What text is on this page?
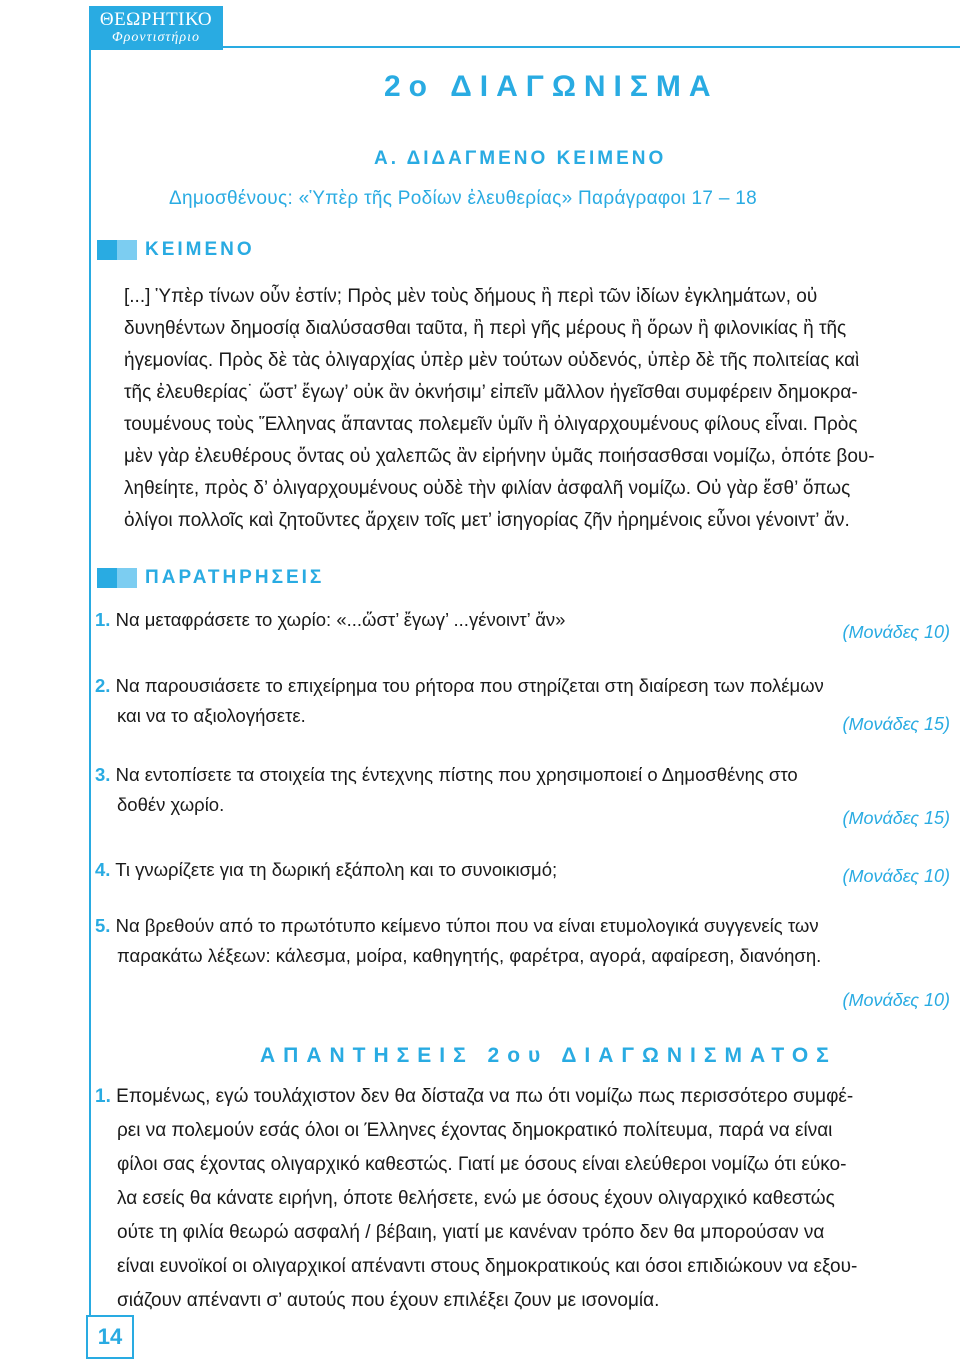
ΘΕΩΡΗΤΙΚΟ
Φροντιστήριο
2ο ΔΙΑΓΩΝΙΣΜΑ
Α. ΔΙΔΑΓΜΕΝΟ ΚΕΙΜΕΝΟ
Δημοσθένους: «Ὑπὲρ τῆς Ροδίων ἐλευθερίας» Παράγραφοι 17 – 18
ΚΕΙΜΕΝΟ
[...] Ὑπὲρ τίνων οὖν ἐστίν; Πρὸς μὲν τοὺς δήμους ἢ περὶ τῶν ἰδίων ἐγκλημάτων, οὐ
δυνηθέντων δημοσίᾳ διαλύσασθαι ταῦτα, ἢ περὶ γῆς μέρους ἢ ὅρων ἢ φιλονικίας ἢ τῆς
ἡγεμονίας. Πρὸς δὲ τὰς ὀλιγαρχίας ὑπὲρ μὲν τούτων οὐδενός, ὑπὲρ δὲ τῆς πολιτείας καὶ
τῆς ἐλευθερίας˙ ὥστ’ ἔγωγ’ οὐκ ἂν ὀκνήσιμ’ εἰπεῖν μᾶλλον ἡγεῖσθαι συμφέρειν δημοκρα-
τουμένους τοὺς Ἕλληνας ἅπαντας πολεμεῖν ὑμῖν ἢ ὀλιγαρχουμένους φίλους εἶναι. Πρὸς
μὲν γὰρ ἐλευθέρους ὄντας οὐ χαλεπῶς ἂν εἰρήνην ὑμᾶς ποιήσασθσαι νομίζω, ὁπότε βου-
ληθείητε, πρὸς δ’ ὀλιγαρχουμένους οὐδὲ τὴν φιλίαν ἀσφαλῆ νομίζω. Οὐ γὰρ ἔσθ’ ὅπως
ὀλίγοι πολλοῖς καὶ ζητοῦντες ἄρχειν τοῖς μετ’ ἰσηγορίας ζῆν ἠρημένοις εὖνοι γένοιντ’ ἄν.
ΠΑΡΑΤΗΡΗΣΕΙΣ
1. Να μεταφράσετε το χωρίο: «...ὥστ’ ἔγωγ’ ...γένοιντ’ ἄν»
(Μονάδες 10)
2. Να παρουσιάσετε το επιχείρημα του ρήτορα που στηρίζεται στη διαίρεση των πολέμων
και να το αξιολογήσετε.	(Μονάδες 15)
3. Να εντοπίσετε τα στοιχεία της έντεχνης πίστης που χρησιμοποιεί ο Δημοσθένης στο
δοθέν χωρίο.
(Μονάδες 15)
4. Τι γνωρίζετε για τη δωρική εξάπολη και το συνοικισμό;	(Μονάδες 10)
5. Να βρεθούν από το πρωτότυπο κείμενο τύποι που να είναι ετυμολογικά συγγενείς των
παρακάτω λέξεων: κάλεσμα, μοίρα, καθηγητής, φαρέτρα, αγορά, αφαίρεση, διανόηση.
(Μονάδες 10)
ΑΠΑΝΤΗΣΕΙΣ 2ου ΔΙΑΓΩΝΙΣΜΑΤΟΣ
1. Επομένως, εγώ τουλάχιστον δεν θα δίσταζα να πω ότι νομίζω πως περισσότερο συμφέ-
ρει να πολεμούν εσάς όλοι οι Έλληνες έχοντας δημοκρατικό πολίτευμα, παρά να είναι
φίλοι σας έχοντας ολιγαρχικό καθεστώς. Γιατί με όσους είναι ελεύθεροι νομίζω ότι εύκο-
λα εσείς θα κάνατε ειρήνη, όποτε θελήσετε, ενώ με όσους έχουν ολιγαρχικό καθεστώς
ούτε τη φιλία θεωρώ ασφαλή / βέβαιη, γιατί με κανέναν τρόπο δεν θα μπορούσαν να
είναι ευνοϊκοί οι ολιγαρχικοί απέναντι στους δημοκρατικούς και όσοι επιδιώκουν να εξου-
σιάζουν απέναντι σ’ αυτούς που έχουν επιλέξει ζουν με ισονομία.
14
